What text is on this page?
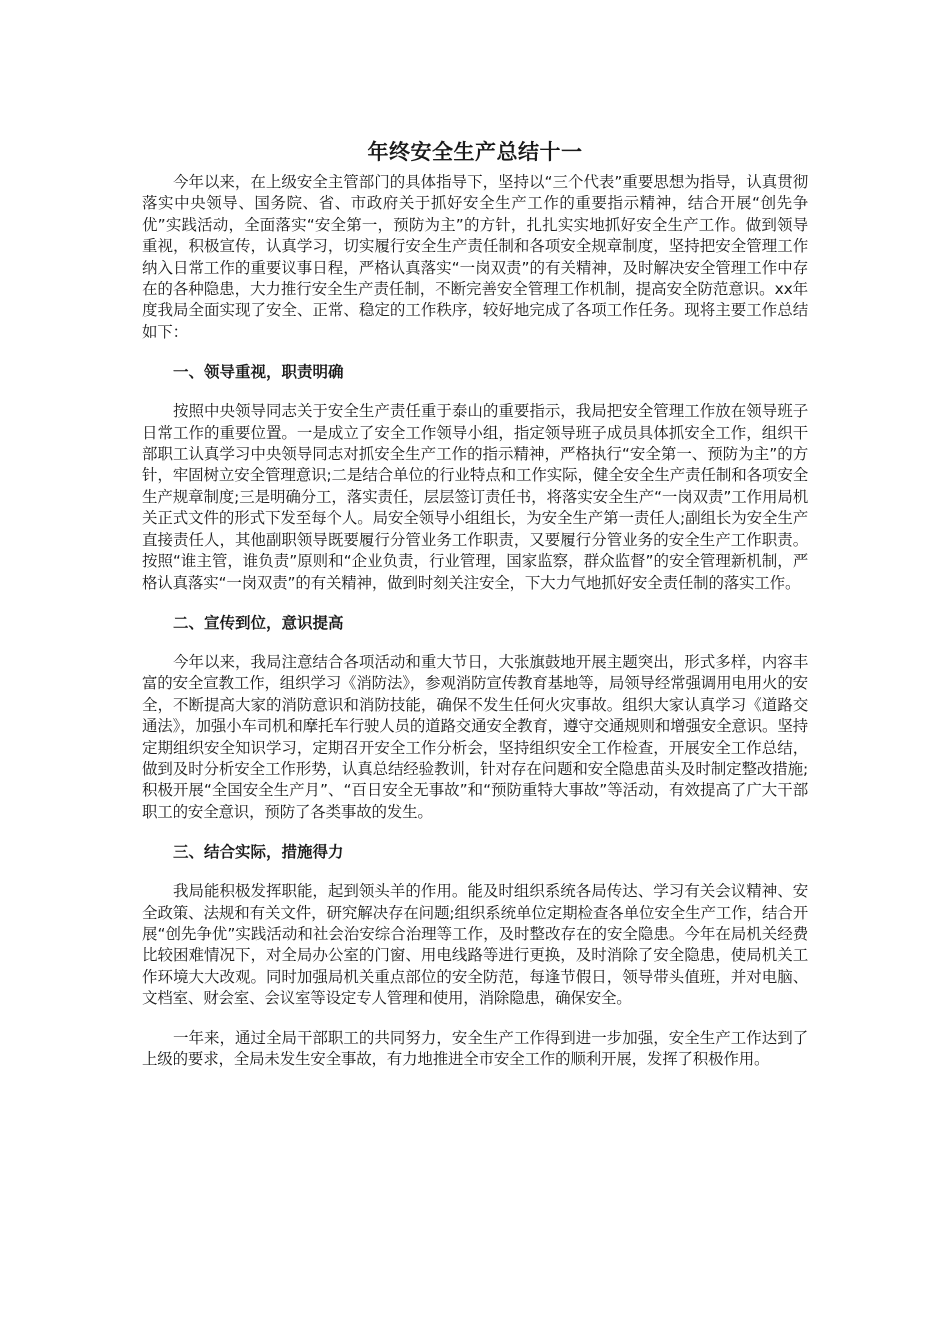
年终安全生产总结十一

今年以来，在上级安全主管部门的具体指导下，坚持以“三个代表”重要思想为指导，认真贯彻落实中央领导、国务院、省、市政府关于抓好安全生产工作的重要指示精神，结合开展“创先争优”实践活动，全面落实“安全第一，预防为主”的方针，扎扎实实地抓好安全生产工作。做到领导重视，积极宣传，认真学习，切实履行安全生产责任制和各项安全规章制度，坚持把安全管理工作纳入日常工作的重要议事日程，严格认真落实“一岗双责”的有关精神，及时解决安全管理工作中存在的各种隐患，大力推行安全生产责任制，不断完善安全管理工作机制，提高安全防范意识。xx年度我局全面实现了安全、正常、稳定的工作秩序，较好地完成了各项工作任务。现将主要工作总结如下：

一、领导重视，职责明确

按照中央领导同志关于安全生产责任重于泰山的重要指示，我局把安全管理工作放在领导班子日常工作的重要位置。一是成立了安全工作领导小组，指定领导班子成员具体抓安全工作，组织干部职工认真学习中央领导同志对抓安全生产工作的指示精神，严格执行“安全第一、预防为主”的方针，牢固树立安全管理意识;二是结合单位的行业特点和工作实际，健全安全生产责任制和各项安全生产规章制度;三是明确分工，落实责任，层层签订责任书，将落实安全生产“一岗双责”工作用局机关正式文件的形式下发至每个人。局安全领导小组组长，为安全生产第一责任人;副组长为安全生产直接责任人，其他副职领导既要履行分管业务工作职责，又要履行分管业务的安全生产工作职责。按照“谁主管，谁负责”原则和“企业负责，行业管理，国家监察，群众监督”的安全管理新机制，严格认真落实“一岗双责”的有关精神，做到时刻关注安全，下大力气地抓好安全责任制的落实工作。

二、宣传到位，意识提高

今年以来，我局注意结合各项活动和重大节日，大张旗鼓地开展主题突出，形式多样，内容丰富的安全宣教工作，组织学习《消防法》，参观消防宣传教育基地等，局领导经常强调用电用火的安全，不断提高大家的消防意识和消防技能，确保不发生任何火灾事故。组织大家认真学习《道路交通法》，加强小车司机和摩托车行驶人员的道路交通安全教育，遵守交通规则和增强安全意识。坚持定期组织安全知识学习，定期召开安全工作分析会，坚持组织安全工作检查，开展安全工作总结，做到及时分析安全工作形势，认真总结经验教训，针对存在问题和安全隐患苗头及时制定整改措施;积极开展“全国安全生产月”、“百日安全无事故”和“预防重特大事故”等活动，有效提高了广大干部职工的安全意识，预防了各类事故的发生。

三、结合实际，措施得力

我局能积极发挥职能，起到领头羊的作用。能及时组织系统各局传达、学习有关会议精神、安全政策、法规和有关文件，研究解决存在问题;组织系统单位定期检查各单位安全生产工作，结合开展“创先争优”实践活动和社会治安综合治理等工作，及时整改存在的安全隐患。今年在局机关经费比较困难情况下，对全局办公室的门窗、用电线路等进行更换，及时消除了安全隐患，使局机关工作环境大大改观。同时加强局机关重点部位的安全防范，每逢节假日，领导带头值班，并对电脑、文档室、财会室、会议室等设定专人管理和使用，消除隐患，确保安全。

一年来，通过全局干部职工的共同努力，安全生产工作得到进一步加强，安全生产工作达到了上级的要求，全局未发生安全事故，有力地推进全市安全工作的顺利开展，发挥了积极作用。
